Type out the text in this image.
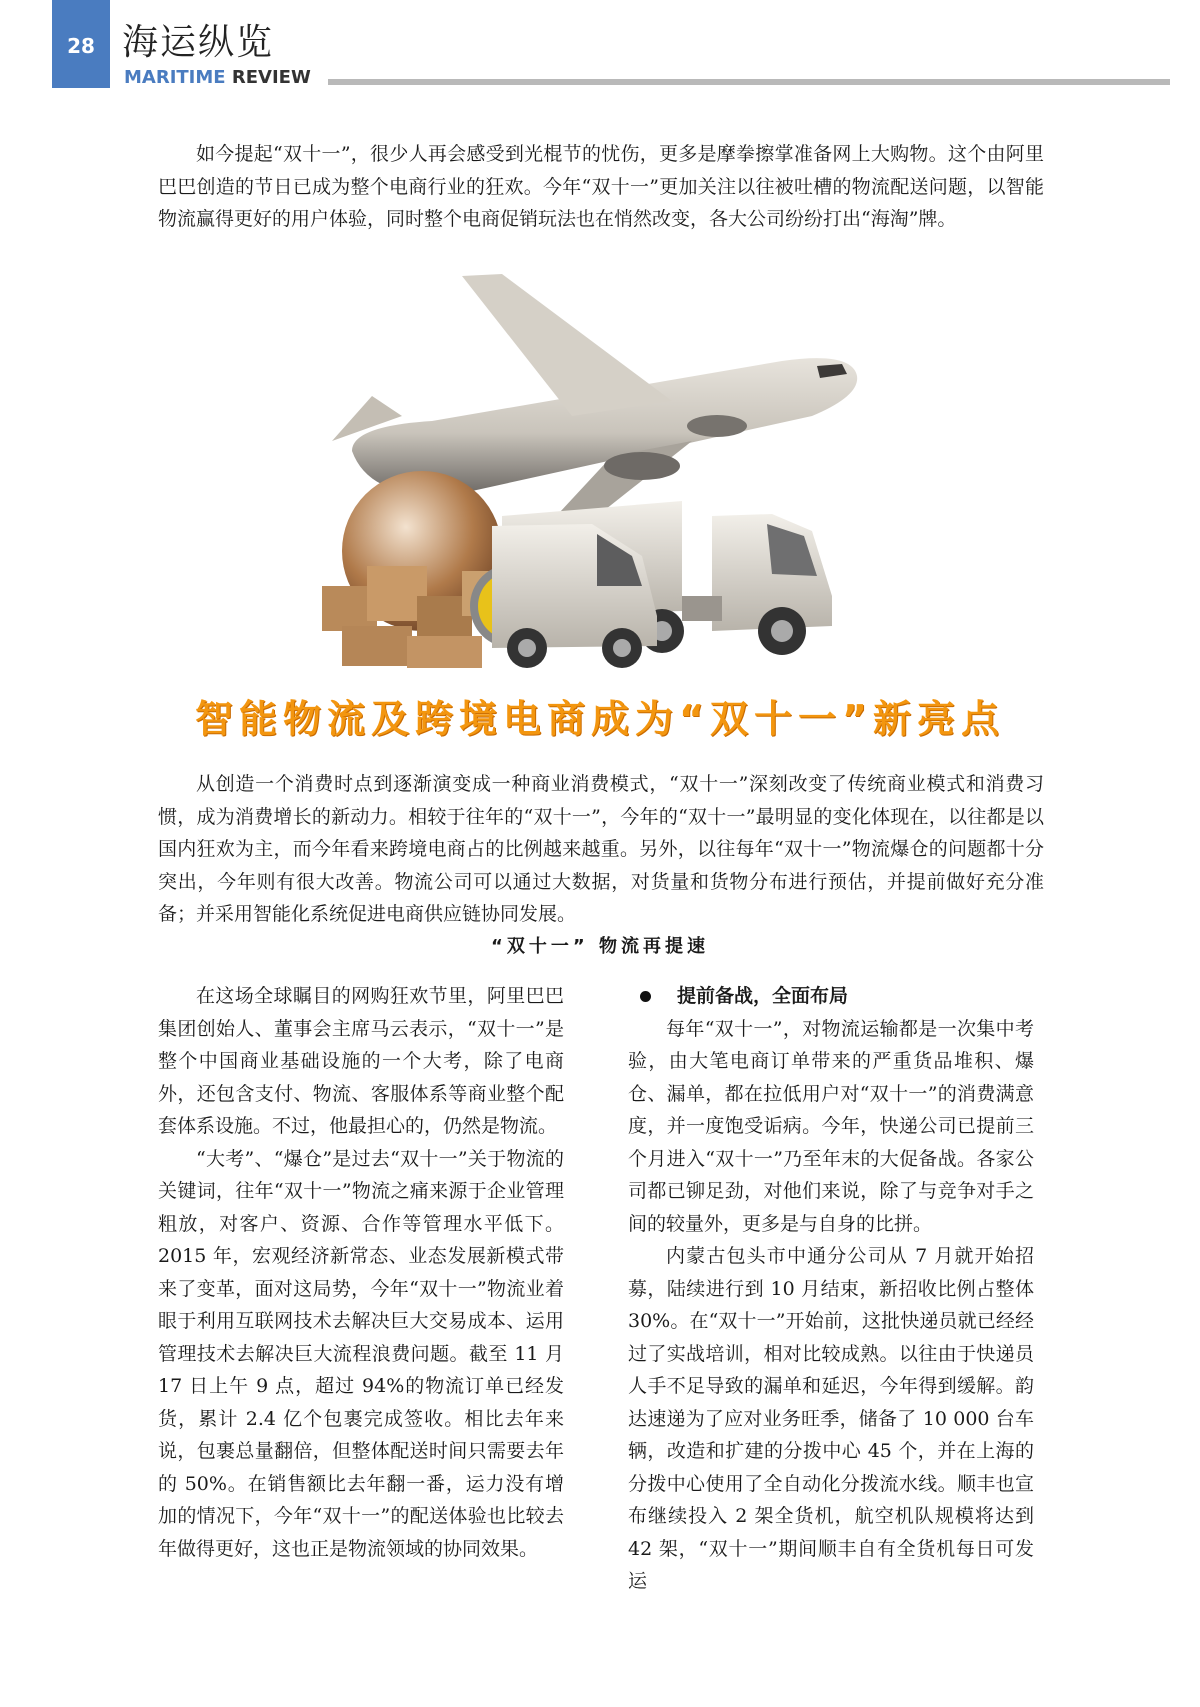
28 海运纵览
MARITIME REVIEW

如今提起“双十一”，很少人再会感受到光棍节的忧伤，更多是摩拳擦掌准备网上大购物。这个由阿里巴巴创造的节日已成为整个电商行业的狂欢。今年“双十一”更加关注以往被吐槽的物流配送问题，以智能物流赢得更好的用户体验，同时整个电商促销玩法也在悄然改变，各大公司纷纷打出“海淘”牌。

智能物流及跨境电商成为“双十一”新亮点

从创造一个消费时点到逐渐演变成一种商业消费模式，“双十一”深刻改变了传统商业模式和消费习惯，成为消费增长的新动力。相较于往年的“双十一”，今年的“双十一”最明显的变化体现在，以往都是以国内狂欢为主，而今年看来跨境电商占的比例越来越重。另外，以往每年“双十一”物流爆仓的问题都十分突出，今年则有很大改善。物流公司可以通过大数据，对货量和货物分布进行预估，并提前做好充分准备；并采用智能化系统促进电商供应链协同发展。

“双十一” 物流再提速

在这场全球瞩目的网购狂欢节里，阿里巴巴集团创始人、董事会主席马云表示，“双十一”是整个中国商业基础设施的一个大考，除了电商外，还包含支付、物流、客服体系等商业整个配套体系设施。不过，他最担心的，仍然是物流。

“大考”、“爆仓”是过去“双十一”关于物流的关键词，往年“双十一”物流之痛来源于企业管理粗放，对客户、资源、合作等管理水平低下。2015 年，宏观经济新常态、业态发展新模式带来了变革，面对这局势，今年“双十一”物流业着眼于利用互联网技术去解决巨大交易成本、运用管理技术去解决巨大流程浪费问题。截至 11 月 17 日上午 9 点，超过 94%的物流订单已经发货，累计 2.4 亿个包裹完成签收。相比去年来说，包裹总量翻倍，但整体配送时间只需要去年的 50%。在销售额比去年翻一番，运力没有增加的情况下，今年“双十一”的配送体验也比较去年做得更好，这也正是物流领域的协同效果。

提前备战，全面布局

每年“双十一”，对物流运输都是一次集中考验，由大笔电商订单带来的严重货品堆积、爆仓、漏单，都在拉低用户对“双十一”的消费满意度，并一度饱受诟病。今年，快递公司已提前三个月进入“双十一”乃至年末的大促备战。各家公司都已铆足劲，对他们来说，除了与竞争对手之间的较量外，更多是与自身的比拼。

内蒙古包头市中通分公司从 7 月就开始招募，陆续进行到 10 月结束，新招收比例占整体 30%。在“双十一”开始前，这批快递员就已经经过了实战培训，相对比较成熟。以往由于快递员人手不足导致的漏单和延迟，今年得到缓解。韵达速递为了应对业务旺季，储备了 10 000 台车辆，改造和扩建的分拨中心 45 个，并在上海的分拨中心使用了全自动化分拨流水线。顺丰也宣布继续投入 2 架全货机，航空机队规模将达到 42 架，“双十一”期间顺丰自有全货机每日可发运
